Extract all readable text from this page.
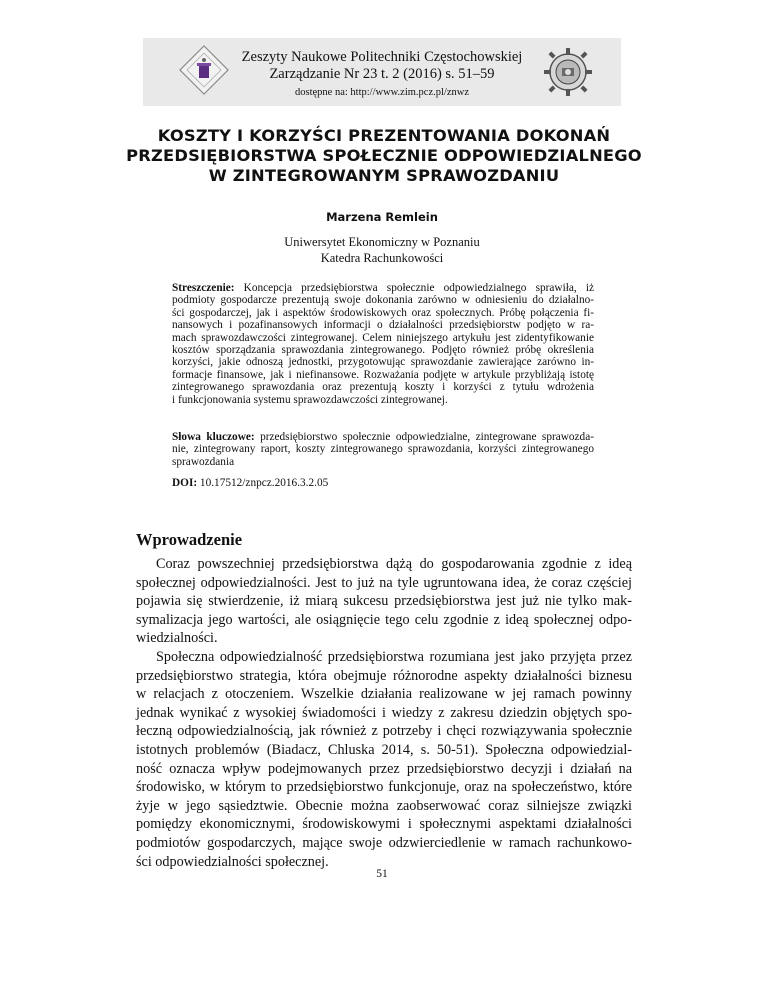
Zeszyty Naukowe Politechniki Częstochowskiej
Zarządzanie Nr 23 t. 2 (2016) s. 51–59
dostępne na: http://www.zim.pcz.pl/znwz
KOSZTY I KORZYŚCI PREZENTOWANIA DOKONAŃ
PRZEDSIĘBIORSTWA SPOŁECZNIE ODPOWIEDZIALNEGO
W ZINTEGROWANYM SPRAWOZDANIU
Marzena Remlein
Uniwersytet Ekonomiczny w Poznaniu
Katedra Rachunkowości
Streszczenie: Koncepcja przedsiębiorstwa społecznie odpowiedzialnego sprawiła, iż
podmioty gospodarcze prezentują swoje dokonania zarówno w odniesieniu do działalno-
ści gospodarczej, jak i aspektów środowiskowych oraz społecznych. Próbę połączenia fi-
nansowych i pozafinansowych informacji o działalności przedsiębiorstw podjęto w ra-
mach sprawozdawczości zintegrowanej. Celem niniejszego artykułu jest zidentyfikowanie
kosztów sporządzania sprawozdania zintegrowanego. Podjęto również próbę określenia
korzyści, jakie odnoszą jednostki, przygotowując sprawozdanie zawierające zarówno in-
formacje finansowe, jak i niefinansowe. Rozważania podjęte w artykule przybliżają istotę
zintegrowanego sprawozdania oraz prezentują koszty i korzyści z tytułu wdrożenia
i funkcjonowania systemu sprawozdawczości zintegrowanej.
Słowa kluczowe: przedsiębiorstwo społecznie odpowiedzialne, zintegrowane sprawozda-
nie, zintegrowany raport, koszty zintegrowanego sprawozdania, korzyści zintegrowanego
sprawozdania
DOI: 10.17512/znpcz.2016.3.2.05
Wprowadzenie
Coraz powszechniej przedsiębiorstwa dążą do gospodarowania zgodnie z ideą
społecznej odpowiedzialności. Jest to już na tyle ugruntowana idea, że coraz częściej
pojawia się stwierdzenie, iż miarą sukcesu przedsiębiorstwa jest już nie tylko mak-
symalizacja jego wartości, ale osiągnięcie tego celu zgodnie z ideą społecznej odpo-
wiedzialności.
Społeczna odpowiedzialność przedsiębiorstwa rozumiana jest jako przyjęta przez
przedsiębiorstwo strategia, która obejmuje różnorodne aspekty działalności biznesu
w relacjach z otoczeniem. Wszelkie działania realizowane w jej ramach powinny
jednak wynikać z wysokiej świadomości i wiedzy z zakresu dziedzin objętych spo-
łeczną odpowiedzialnością, jak również z potrzeby i chęci rozwiązywania społecznie
istotnych problemów (Biadacz, Chluska 2014, s. 50-51). Społeczna odpowiedzial-
ność oznacza wpływ podejmowanych przez przedsiębiorstwo decyzji i działań na
środowisko, w którym to przedsiębiorstwo funkcjonuje, oraz na społeczeństwo, które
żyje w jego sąsiedztwie. Obecnie można zaobserwować coraz silniejsze związki
pomiędzy ekonomicznymi, środowiskowymi i społecznymi aspektami działalności
podmiotów gospodarczych, mające swoje odzwierciedlenie w ramach rachunkowo-
ści odpowiedzialności społecznej.
51
